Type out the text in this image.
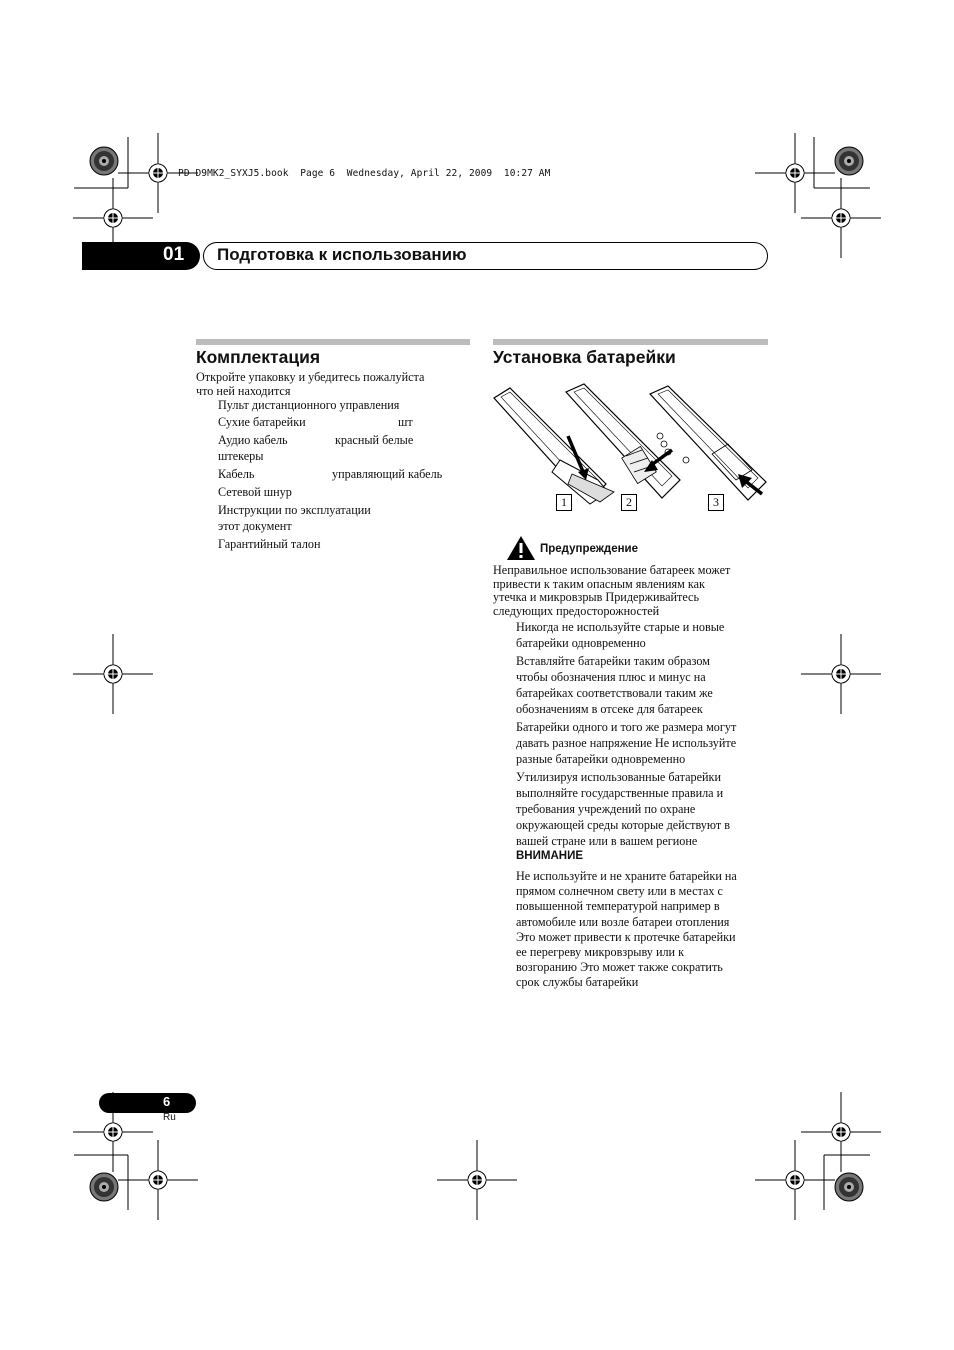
PD-D9MK2_SYXJ5.book  Page 6  Wednesday, April 22, 2009  10:27 AM
01 Подготовка к использованию
Комплектация
Откройте упаковку и убедитесь пожалуйста
что ней находится
Пульт дистанционного управления
Сухие батарейки	шт
Аудио кабель	красный белые
штекеры
Кабель	управляющий кабель
Сетевой шнур
Инструкции по эксплуатации
этот документ
Гарантийный талон
Установка батарейки
1	2	3
Предупреждение
Неправильное использование батареек может
привести к таким опасным явлениям как
утечка и микровзрыв Придерживайтесь
следующих предосторожностей
Никогда не используйте старые и новые
батарейки одновременно
Вставляйте батарейки таким образом
чтобы обозначения плюс и минус на
батарейках соответствовали таким же
обозначениям в отсеке для батареек
Батарейки одного и того же размера могут
давать разное напряжение Не используйте
разные батарейки одновременно
Утилизируя использованные батарейки
выполняйте государственные правила и
требования учреждений по охране
окружающей среды которые действуют в
вашей стране или в вашем регионе
ВНИМАНИЕ
Не используйте и не храните батарейки на
прямом солнечном свету или в местах с
повышенной температурой например в
автомобиле или возле батареи отопления
Это может привести к протечке батарейки
ее перегреву микровзрыву или к
возгоранию Это может также сократить
срок службы батарейки
6
Ru
